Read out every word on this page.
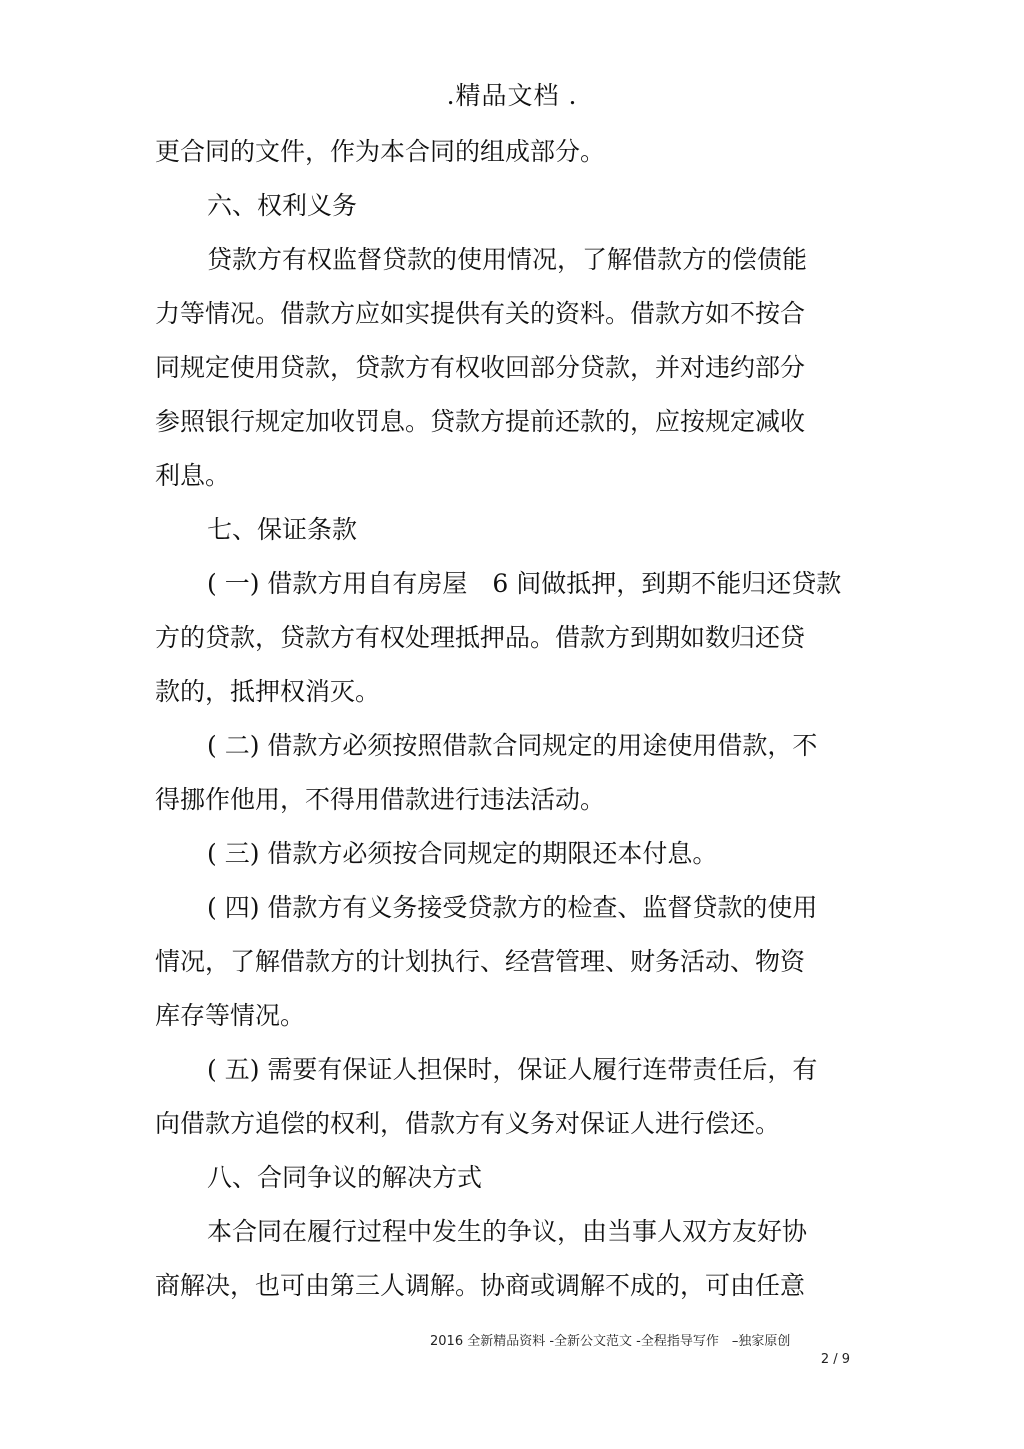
.精品文档 .
更合同的文件，作为本合同的组成部分。
六、权利义务
贷款方有权监督贷款的使用情况，了解借款方的偿债能
力等情况。借款方应如实提供有关的资料。借款方如不按合
同规定使用贷款，贷款方有权收回部分贷款，并对违约部分
参照银行规定加收罚息。贷款方提前还款的，应按规定减收
利息。
七、保证条款
( 一) 借款方用自有房屋　6 间做抵押，到期不能归还贷款
方的贷款，贷款方有权处理抵押品。借款方到期如数归还贷
款的，抵押权消灭。
( 二) 借款方必须按照借款合同规定的用途使用借款，不
得挪作他用，不得用借款进行违法活动。
( 三) 借款方必须按合同规定的期限还本付息。
( 四) 借款方有义务接受贷款方的检查、监督贷款的使用
情况，了解借款方的计划执行、经营管理、财务活动、物资
库存等情况。
( 五) 需要有保证人担保时，保证人履行连带责任后，有
向借款方追偿的权利，借款方有义务对保证人进行偿还。
八、合同争议的解决方式
本合同在履行过程中发生的争议，由当事人双方友好协
商解决，也可由第三人调解。协商或调解不成的，可由任意
2016 全新精品资料 -全新公文范文 -全程指导写作　–独家原创
2 / 9
